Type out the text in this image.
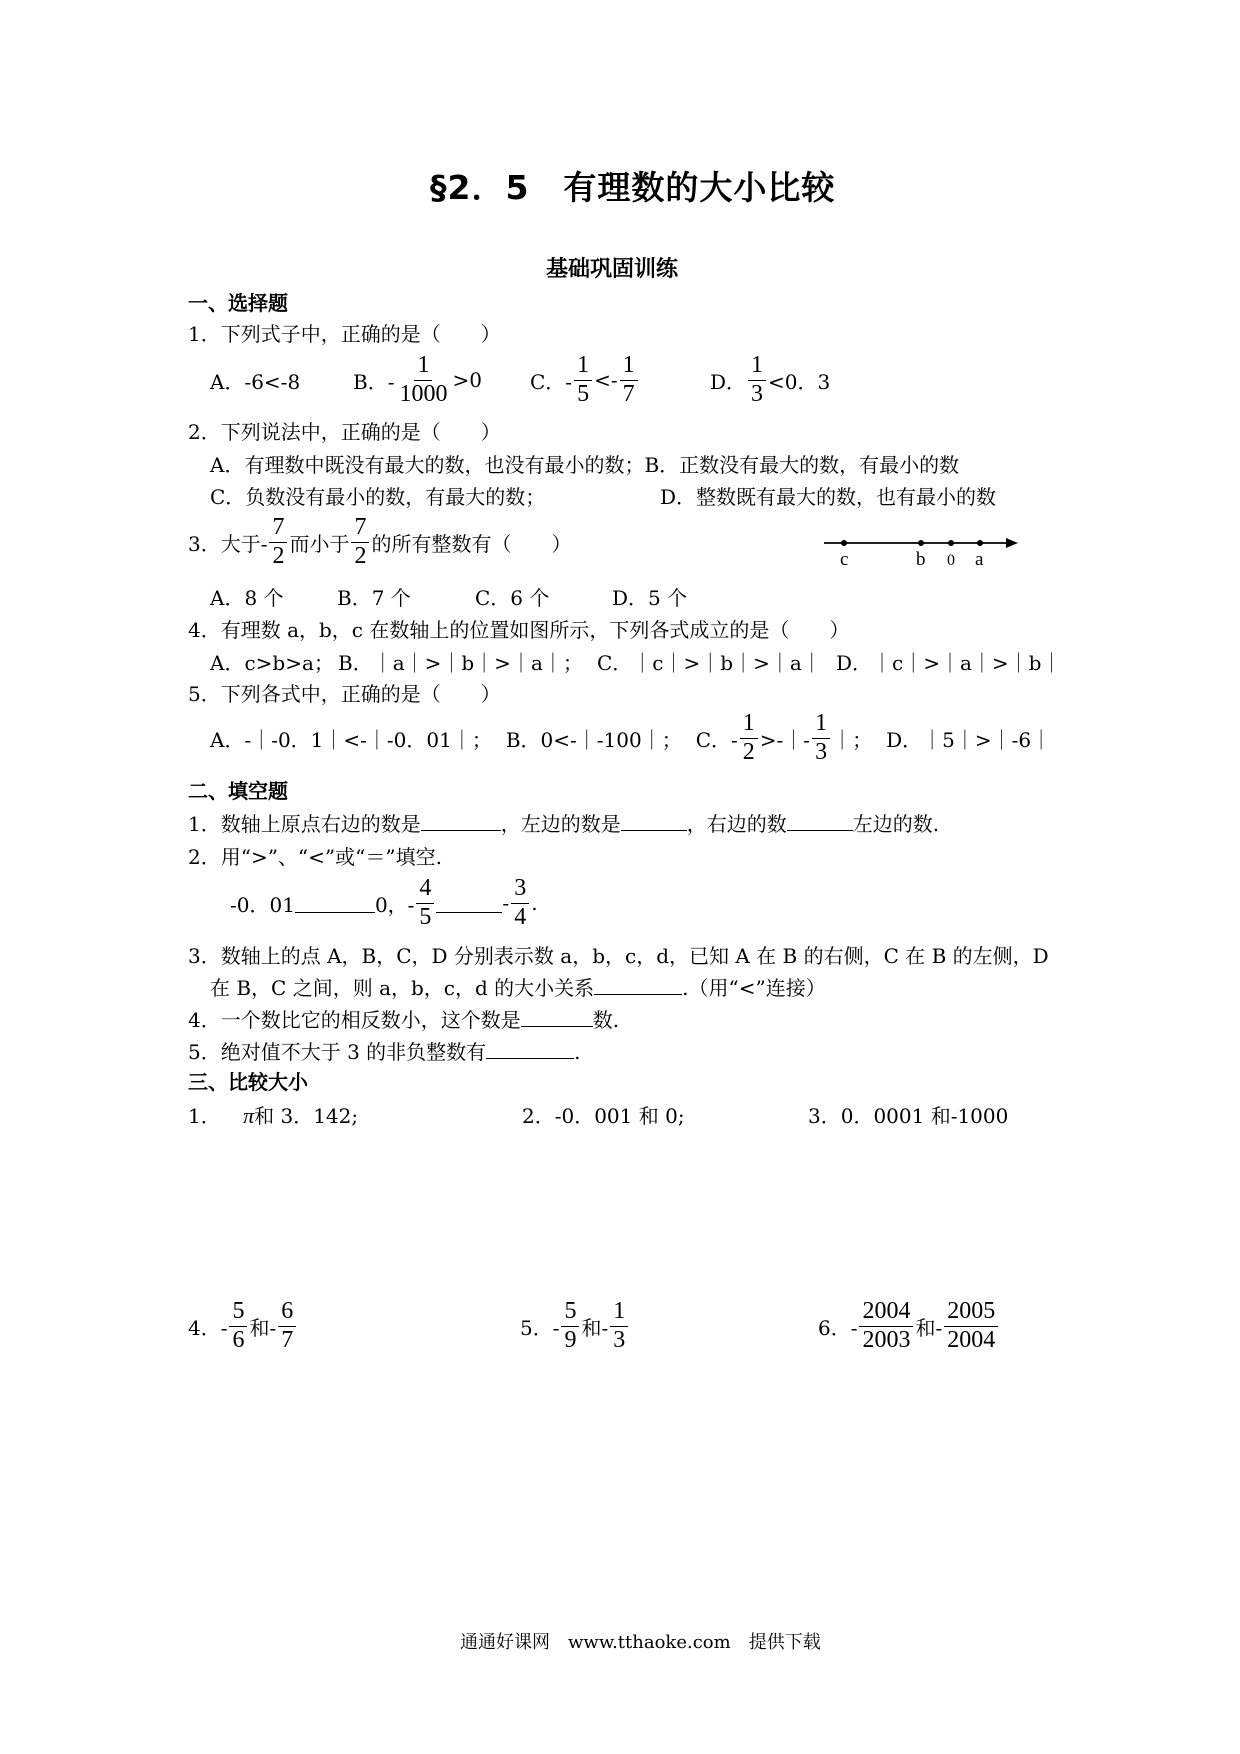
§2．5　有理数的大小比较
基础巩固训练
一、选择题
1．下列式子中，正确的是（　　）
A．-6<-8	B．- $\frac{1}{1000} >0$ C．- $\frac{1}{5} <- \frac{1}{7}$	D． $\frac{1}{3} <0$．3
2．下列说法中，正确的是（　　）
A．有理数中既没有最大的数，也没有最小的数；B．正数没有最大的数，有最小的数
C．负数没有最小的数，有最大的数；	D．整数既有最大的数，也有最小的数
3．大于- $\frac{7}{2}$ 而小于 $\frac{7}{2}$ 的所有整数有（　　）
c	b 0 a
A．8 个	B．7 个	C．6 个	D．5 个
4．有理数 a，b，c 在数轴上的位置如图所示，下列各式成立的是（　　）
A．c>b>a； B．｜a｜>｜b｜>｜a｜； C．｜c｜>｜b｜>｜a｜ D．｜c｜>｜a｜>｜b｜
5．下列各式中，正确的是（　　）
A．-｜-0．1｜<-｜-0．01｜； B．0<-｜-100｜； C．- $\frac{1}{2}$ >-｜- $\frac{1}{3}$ ｜； D．｜5｜>｜-6｜
二、填空题
1．数轴上原点右边的数是	，左边的数是	，右边的数	左边的数.
2．用“>”、“<”或“＝”填空.
-0．01	0，- $\frac{4}{5}$	- $\frac{3}{4}$ .
3．数轴上的点 A，B，C，D 分别表示数 a，b，c，d，已知 A 在 B 的右侧，C 在 B 的左侧，D
在 B，C 之间，则 a，b，c，d 的大小关系	.（用“<”连接）
4．一个数比它的相反数小，这个数是	数.
5．绝对值不大于 3 的非负整数有	.
三、比较大小
1． π和 3．142;	2．-0．001 和 0;	3．0．0001 和-1000
4．- $\frac{5}{6}$ 和- $\frac{6}{7}$	5．- $\frac{5}{9}$ 和- $\frac{1}{3}$	6．- $\frac{2004}{2003}$ 和- $\frac{2005}{2004}$
通通好课网　www.tthaoke.com　提供下载
